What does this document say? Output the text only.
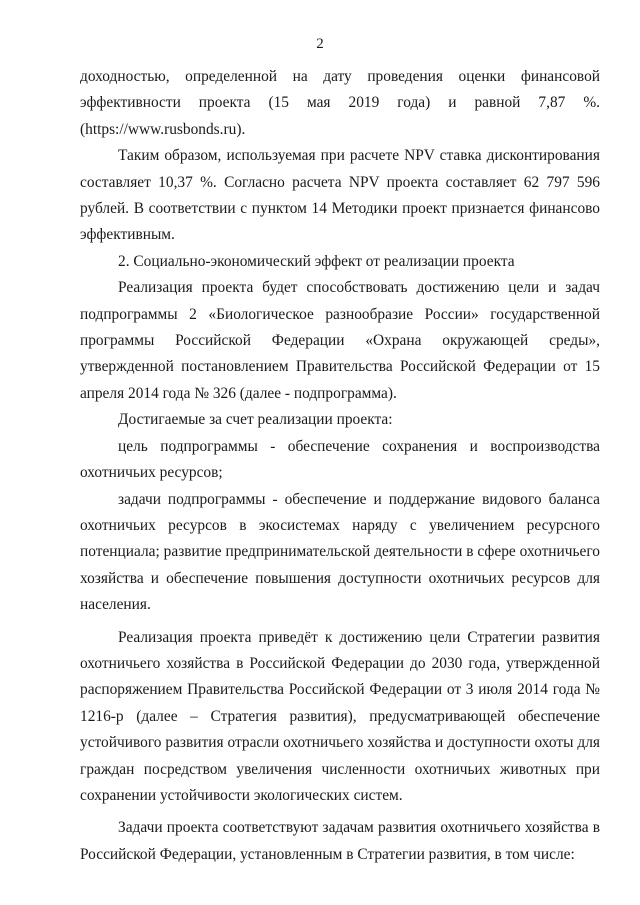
2

доходностью, определенной на дату проведения оценки финансовой эффективности проекта (15 мая 2019 года) и равной 7,87 %. (https://www.rusbonds.ru).

Таким образом, используемая при расчете NPV ставка дисконтирования составляет 10,37 %. Согласно расчета NPV проекта составляет 62 797 596 рублей. В соответствии с пунктом 14 Методики проект признается финансово эффективным.

2. Социально-экономический эффект от реализации проекта

Реализация проекта будет способствовать достижению цели и задач подпрограммы 2 «Биологическое разнообразие России» государственной программы Российской Федерации «Охрана окружающей среды», утвержденной постановлением Правительства Российской Федерации от 15 апреля 2014 года № 326 (далее - подпрограмма).

Достигаемые за счет реализации проекта:

цель подпрограммы - обеспечение сохранения и воспроизводства охотничьих ресурсов;

задачи подпрограммы - обеспечение и поддержание видового баланса охотничьих ресурсов в экосистемах наряду с увеличением ресурсного потенциала; развитие предпринимательской деятельности в сфере охотничьего хозяйства и обеспечение повышения доступности охотничьих ресурсов для населения.

Реализация проекта приведёт к достижению цели Стратегии развития охотничьего хозяйства в Российской Федерации до 2030 года, утвержденной распоряжением Правительства Российской Федерации от 3 июля 2014 года № 1216-р (далее – Стратегия развития), предусматривающей обеспечение устойчивого развития отрасли охотничьего хозяйства и доступности охоты для граждан посредством увеличения численности охотничьих животных при сохранении устойчивости экологических систем.

Задачи проекта соответствуют задачам развития охотничьего хозяйства в Российской Федерации, установленным в Стратегии развития, в том числе:
